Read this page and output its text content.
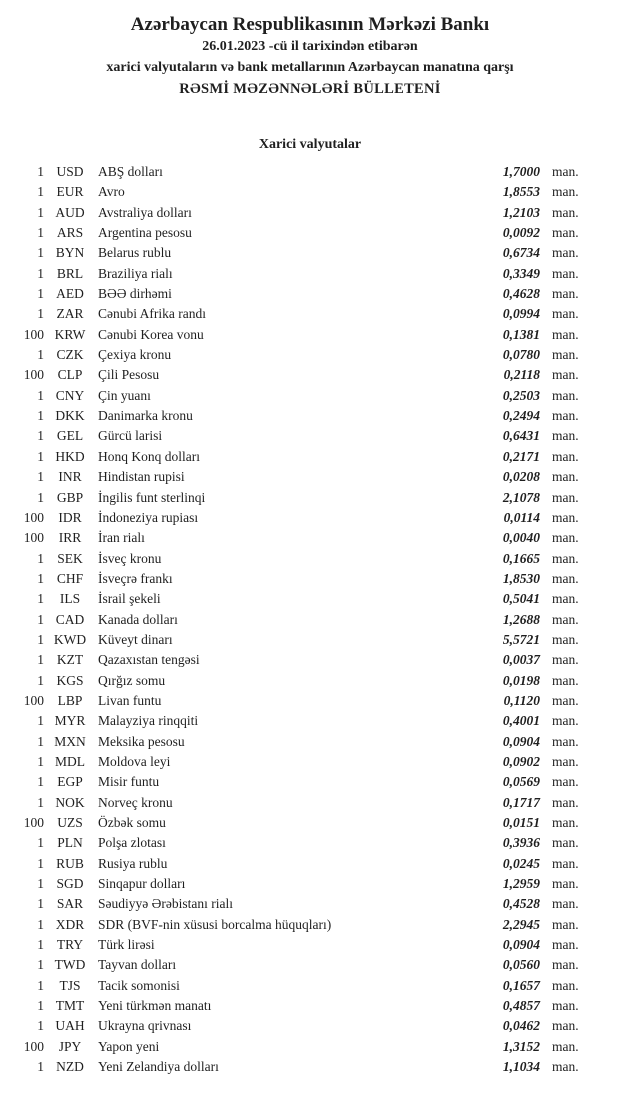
Azərbaycan Respublikasının Mərkəzi Bankı
26.01.2023 -cü il tarixindən etibarən
xarici valyutaların və bank metallarının Azərbaycan manatına qarşı
RƏSMİ MƏZƏNNƏLƏRİ BÜLLETENİ
Xarici valyutalar
1 USD	ABŞ dolları	1,7000 man.
1 EUR	Avro	1,8553 man.
1 AUD Avstraliya dolları	1,2103 man.
1 ARS	Argentina pesosu	0,0092 man.
1 BYN	Belarus rublu	0,6734 man.
1 BRL	Braziliya rialı	0,3349 man.
1 AED	BƏƏ dirhəmi	0,4628 man.
1 ZAR	Cənubi Afrika randı	0,0994 man.
100 KRW Cənubi Korea vonu	0,1381 man.
1 CZK	Çexiya kronu	0,0780 man.
100	CLP	Çili Pesosu	0,2118 man.
1 CNY	Çin yuanı	0,2503 man.
1 DKK Danimarka kronu	0,2494 man.
1 GEL	Gürcü larisi	0,6431 man.
1 HKD Honq Konq dolları	0,2171 man.
1	INR	Hindistan rupisi	0,0208 man.
1 GBP	İngilis funt sterlinqi	2,1078 man.
100	IDR	İndoneziya rupiası	0,0114 man.
100	IRR	İran rialı	0,0040 man.
1 SEK	İsveç kronu	0,1665 man.
1 CHF	İsveçrə frankı	1,8530 man.
1	ILS	İsrail şekeli	0,5041 man.
1 CAD	Kanada dolları	1,2688 man.
1 KWD Küveyt dinarı	5,5721 man.
1 KZT	Qazaxıstan tengəsi	0,0037 man.
1 KGS	Qırğız somu	0,0198 man.
100	LBP	Livan funtu	0,1120 man.
1 MYR Malayziya rinqqiti	0,4001 man.
1 MXN Meksika pesosu	0,0904 man.
1 MDL Moldova leyi	0,0902 man.
1 EGP	Misir funtu	0,0569 man.
1 NOK Norveç kronu	0,1717 man.
100 UZS	Özbək somu	0,0151 man.
1 PLN	Polşa zlotası	0,3936 man.
1 RUB	Rusiya rublu	0,0245 man.
1 SGD	Sinqapur dolları	1,2959 man.
1 SAR	Səudiyyə Ərəbistanı rialı	0,4528 man.
1 XDR	SDR (BVF-nin xüsusi borcalma hüquqları)	2,2945 man.
1 TRY	Türk lirəsi	0,0904 man.
1 TWD Tayvan dolları	0,0560 man.
1	TJS	Tacik somonisi	0,1657 man.
1 TMT	Yeni türkmən manatı	0,4857 man.
1 UAH Ukrayna qrivnası	0,0462 man.
100	JPY	Yapon yeni	1,3152 man.
1 NZD	Yeni Zelandiya dolları	1,1034 man.
